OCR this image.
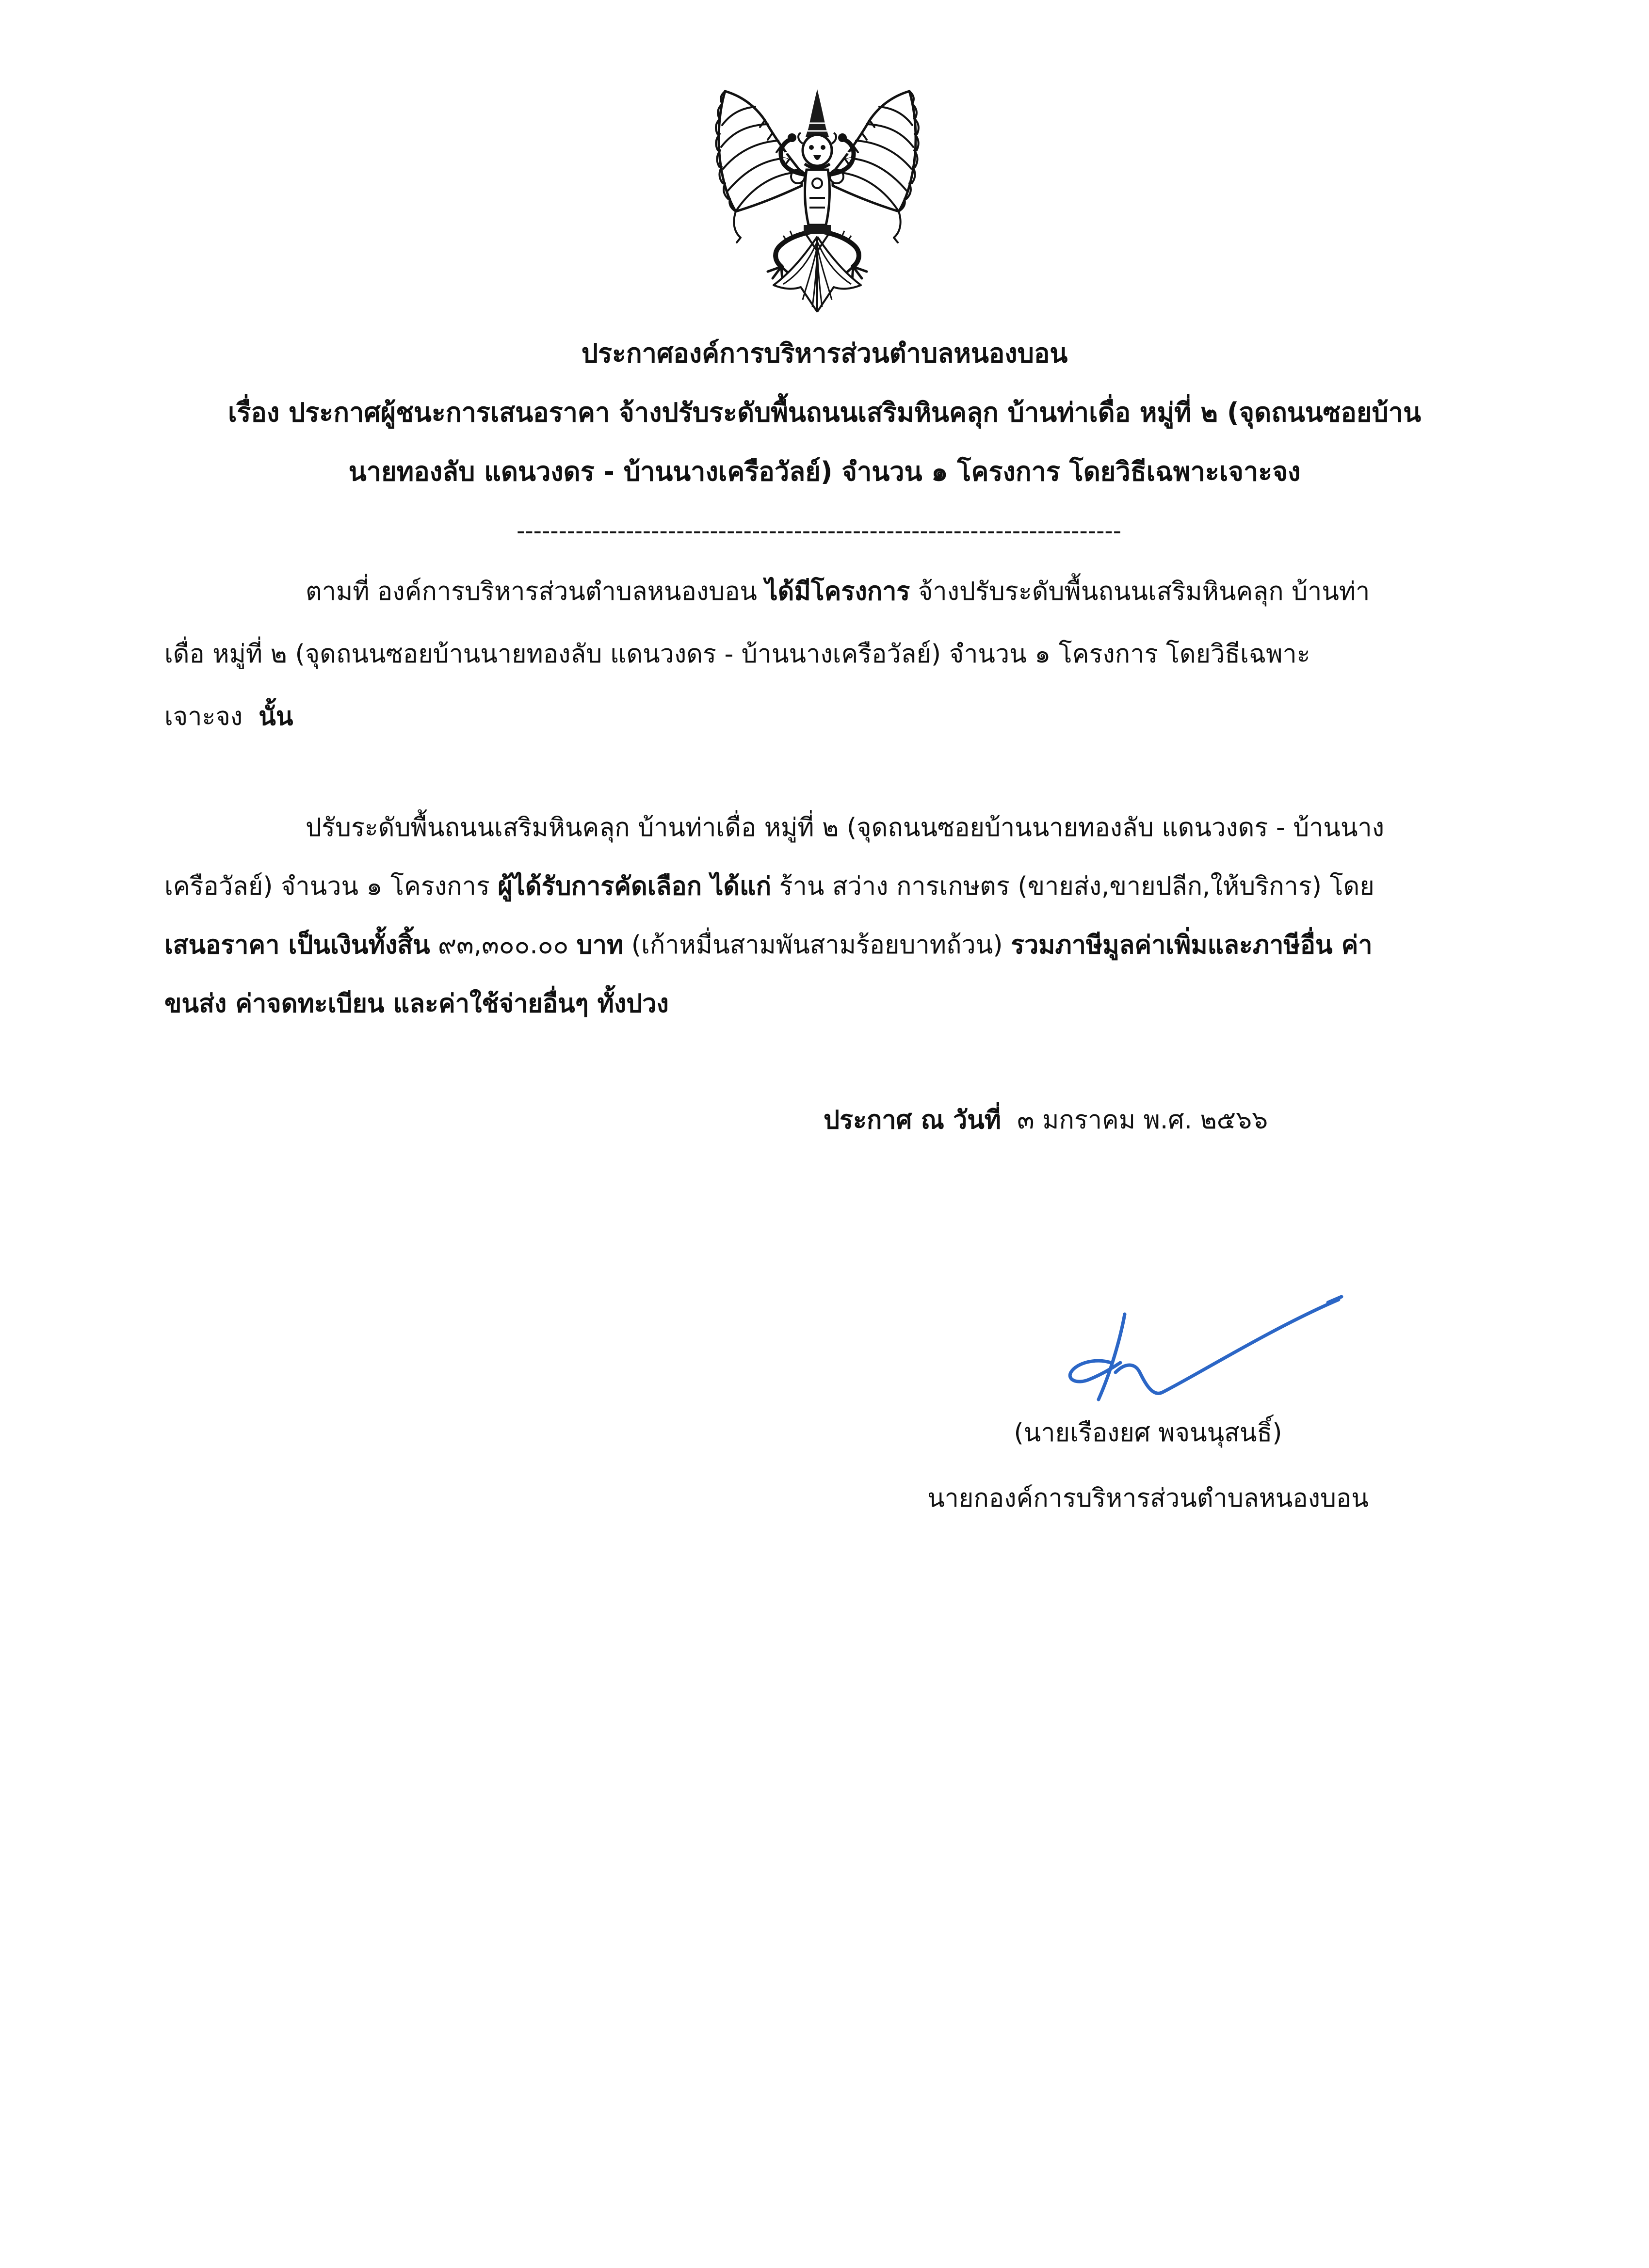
ประกาศองค์การบริหารส่วนตำบลหนองบอน
เรื่อง ประกาศผู้ชนะการเสนอราคา จ้างปรับระดับพื้นถนนเสริมหินคลุก บ้านท่าเดื่อ หมู่ที่ ๒ (จุดถนนซอยบ้าน
นายทองลับ แดนวงดร - บ้านนางเครือวัลย์) จำนวน ๑ โครงการ โดยวิธีเฉพาะเจาะจง
------------------------------------------------------------------------
ตามที่ องค์การบริหารส่วนตำบลหนองบอน ได้มีโครงการ จ้างปรับระดับพื้นถนนเสริมหินคลุก บ้านท่า
เดื่อ หมู่ที่ ๒ (จุดถนนซอยบ้านนายทองลับ แดนวงดร - บ้านนางเครือวัลย์) จำนวน ๑ โครงการ โดยวิธีเฉพาะ
เจาะจง  นั้น
ปรับระดับพื้นถนนเสริมหินคลุก บ้านท่าเดื่อ หมู่ที่ ๒ (จุดถนนซอยบ้านนายทองลับ แดนวงดร - บ้านนาง
เครือวัลย์) จำนวน ๑ โครงการ ผู้ได้รับการคัดเลือก ได้แก่ ร้าน สว่าง การเกษตร (ขายส่ง,ขายปลีก,ให้บริการ) โดย
เสนอราคา เป็นเงินทั้งสิ้น ๙๓,๓๐๐.๐๐ บาท (เก้าหมื่นสามพันสามร้อยบาทถ้วน) รวมภาษีมูลค่าเพิ่มและภาษีอื่น ค่า
ขนส่ง ค่าจดทะเบียน และค่าใช้จ่ายอื่นๆ ทั้งปวง
ประกาศ ณ วันที่  ๓ มกราคม พ.ศ. ๒๕๖๖
(นายเรืองยศ พจนนุสนธิ์)
นายกองค์การบริหารส่วนตำบลหนองบอน
